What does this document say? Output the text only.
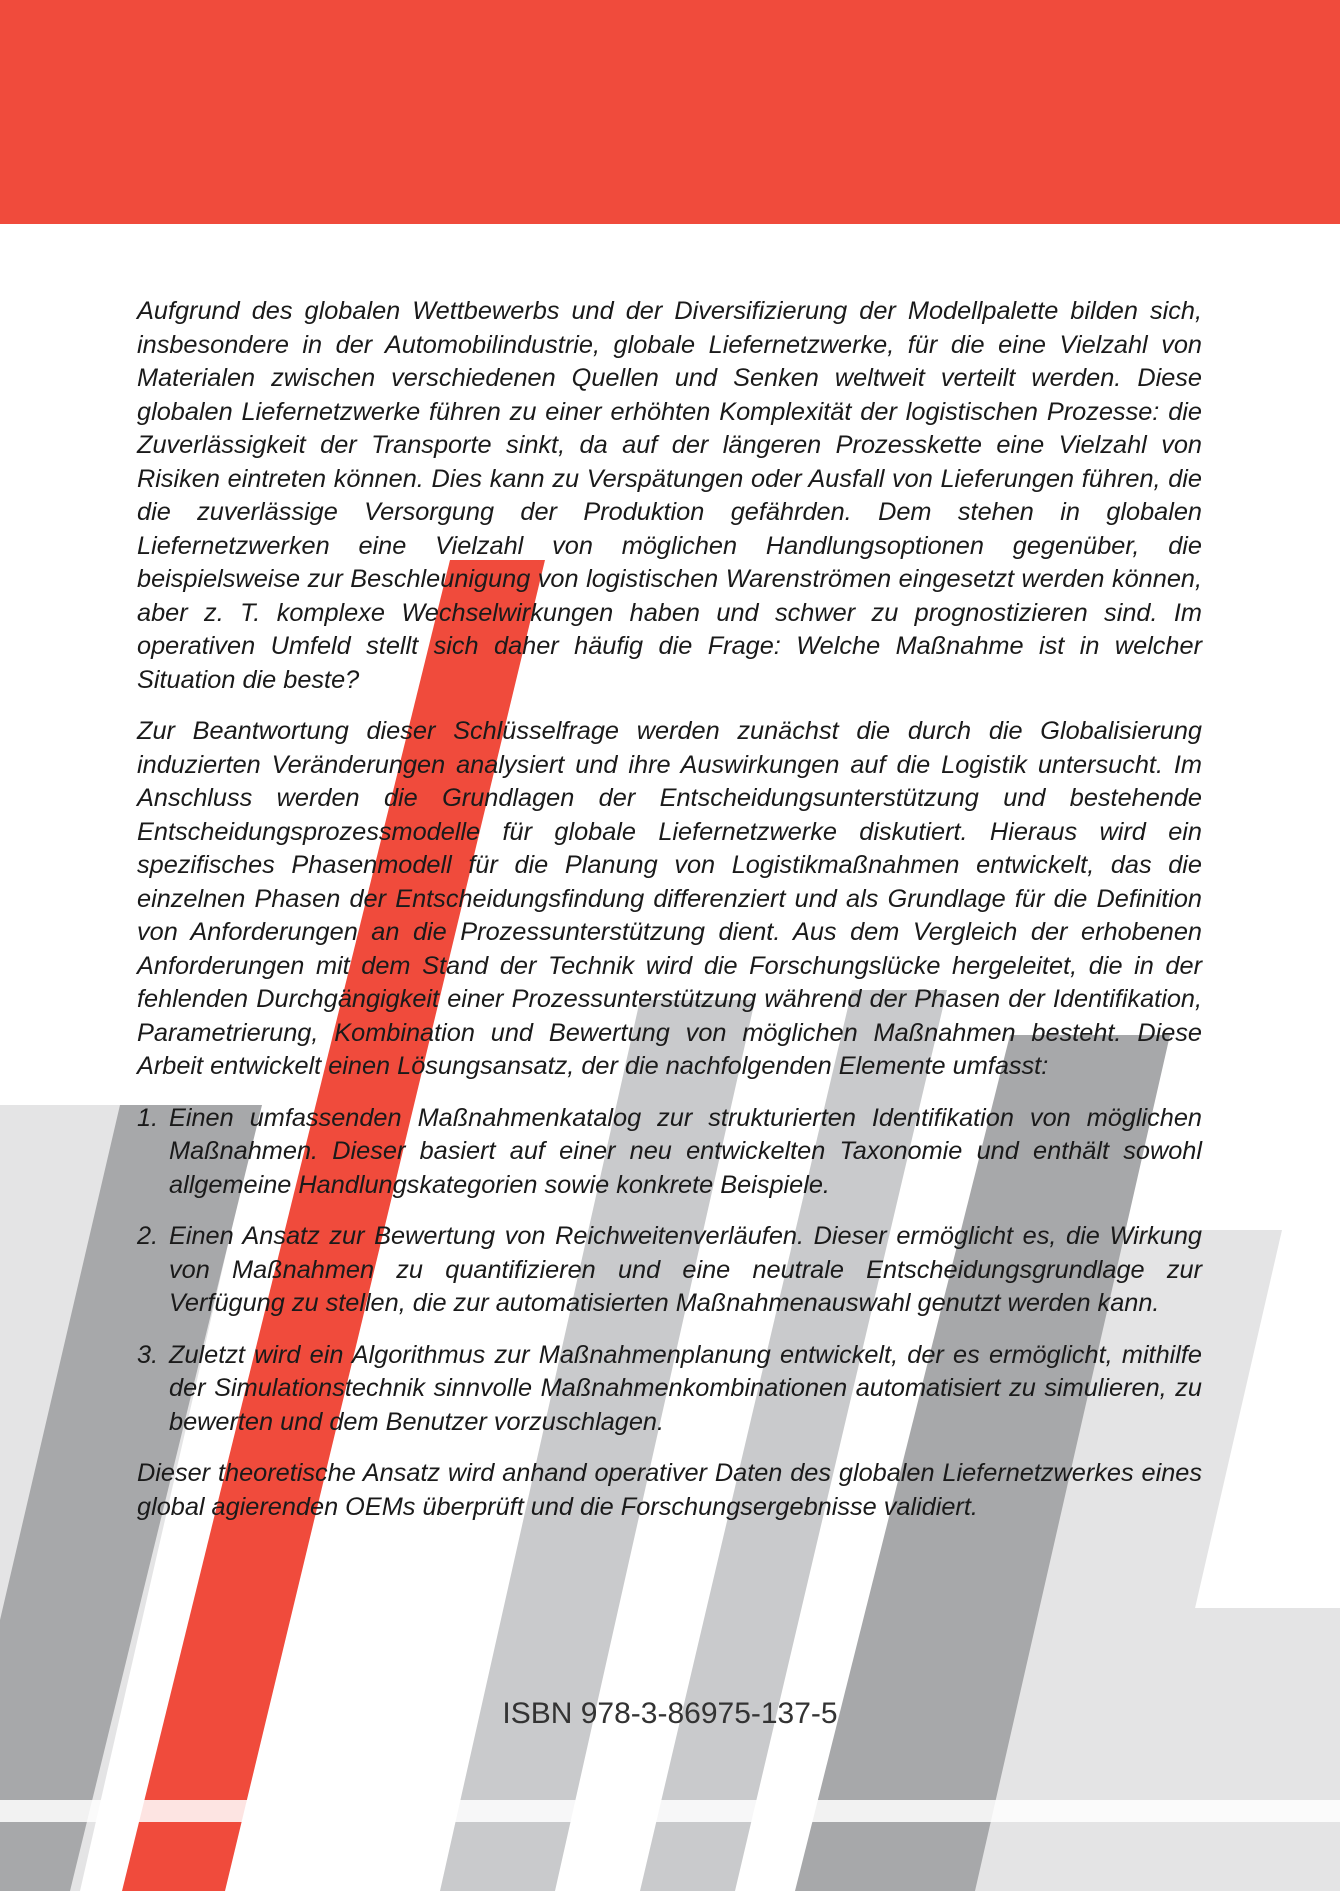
Aufgrund des globalen Wettbewerbs und der Diversifizierung der Modellpalette bilden sich, insbesondere in der Automobilindustrie, globale Liefernetzwerke, für die eine Vielzahl von Materialen zwischen verschiedenen Quellen und Senken weltweit verteilt werden. Diese globalen Liefernetzwerke führen zu einer erhöhten Komplexität der logistischen Prozesse: die Zuverlässigkeit der Transporte sinkt, da auf der längeren Prozesskette eine Vielzahl von Risiken eintreten können. Dies kann zu Verspätungen oder Ausfall von Lieferungen führen, die die zuverlässige Versorgung der Produktion gefährden. Dem stehen in globalen Liefernetzwerken eine Vielzahl von möglichen Handlungsoptionen gegenüber, die beispielsweise zur Beschleunigung von logistischen Warenströmen eingesetzt werden können, aber z. T. komplexe Wechselwirkungen haben und schwer zu prognostizieren sind. Im operativen Umfeld stellt sich daher häufig die Frage: Welche Maßnahme ist in welcher Situation die beste?

Zur Beantwortung dieser Schlüsselfrage werden zunächst die durch die Globalisierung induzierten Veränderungen analysiert und ihre Auswirkungen auf die Logistik untersucht. Im Anschluss werden die Grundlagen der Entscheidungsunterstützung und bestehende Entscheidungsprozessmodelle für globale Liefernetzwerke diskutiert. Hieraus wird ein spezifisches Phasenmodell für die Planung von Logistikmaßnahmen entwickelt, das die einzelnen Phasen der Entscheidungsfindung differenziert und als Grundlage für die Definition von Anforderungen an die Prozessunterstützung dient. Aus dem Vergleich der erhobenen Anforderungen mit dem Stand der Technik wird die Forschungslücke hergeleitet, die in der fehlenden Durchgängigkeit einer Prozessunterstützung während der Phasen der Identifikation, Parametrierung, Kombination und Bewertung von möglichen Maßnahmen besteht. Diese Arbeit entwickelt einen Lösungsansatz, der die nachfolgenden Elemente umfasst:

1. Einen umfassenden Maßnahmenkatalog zur strukturierten Identifikation von möglichen Maßnahmen. Dieser basiert auf einer neu entwickelten Taxonomie und enthält sowohl allgemeine Handlungskategorien sowie konkrete Beispiele.
2. Einen Ansatz zur Bewertung von Reichweitenverläufen. Dieser ermöglicht es, die Wirkung von Maßnahmen zu quantifizieren und eine neutrale Entscheidungsgrundlage zur Verfügung zu stellen, die zur automatisierten Maßnahmenauswahl genutzt werden kann.
3. Zuletzt wird ein Algorithmus zur Maßnahmenplanung entwickelt, der es ermöglicht, mithilfe der Simulationstechnik sinnvolle Maßnahmenkombinationen automatisiert zu simulieren, zu bewerten und dem Benutzer vorzuschlagen.

Dieser theoretische Ansatz wird anhand operativer Daten des globalen Liefernetzwerkes eines global agierenden OEMs überprüft und die Forschungsergebnisse validiert.

ISBN 978-3-86975-137-5
